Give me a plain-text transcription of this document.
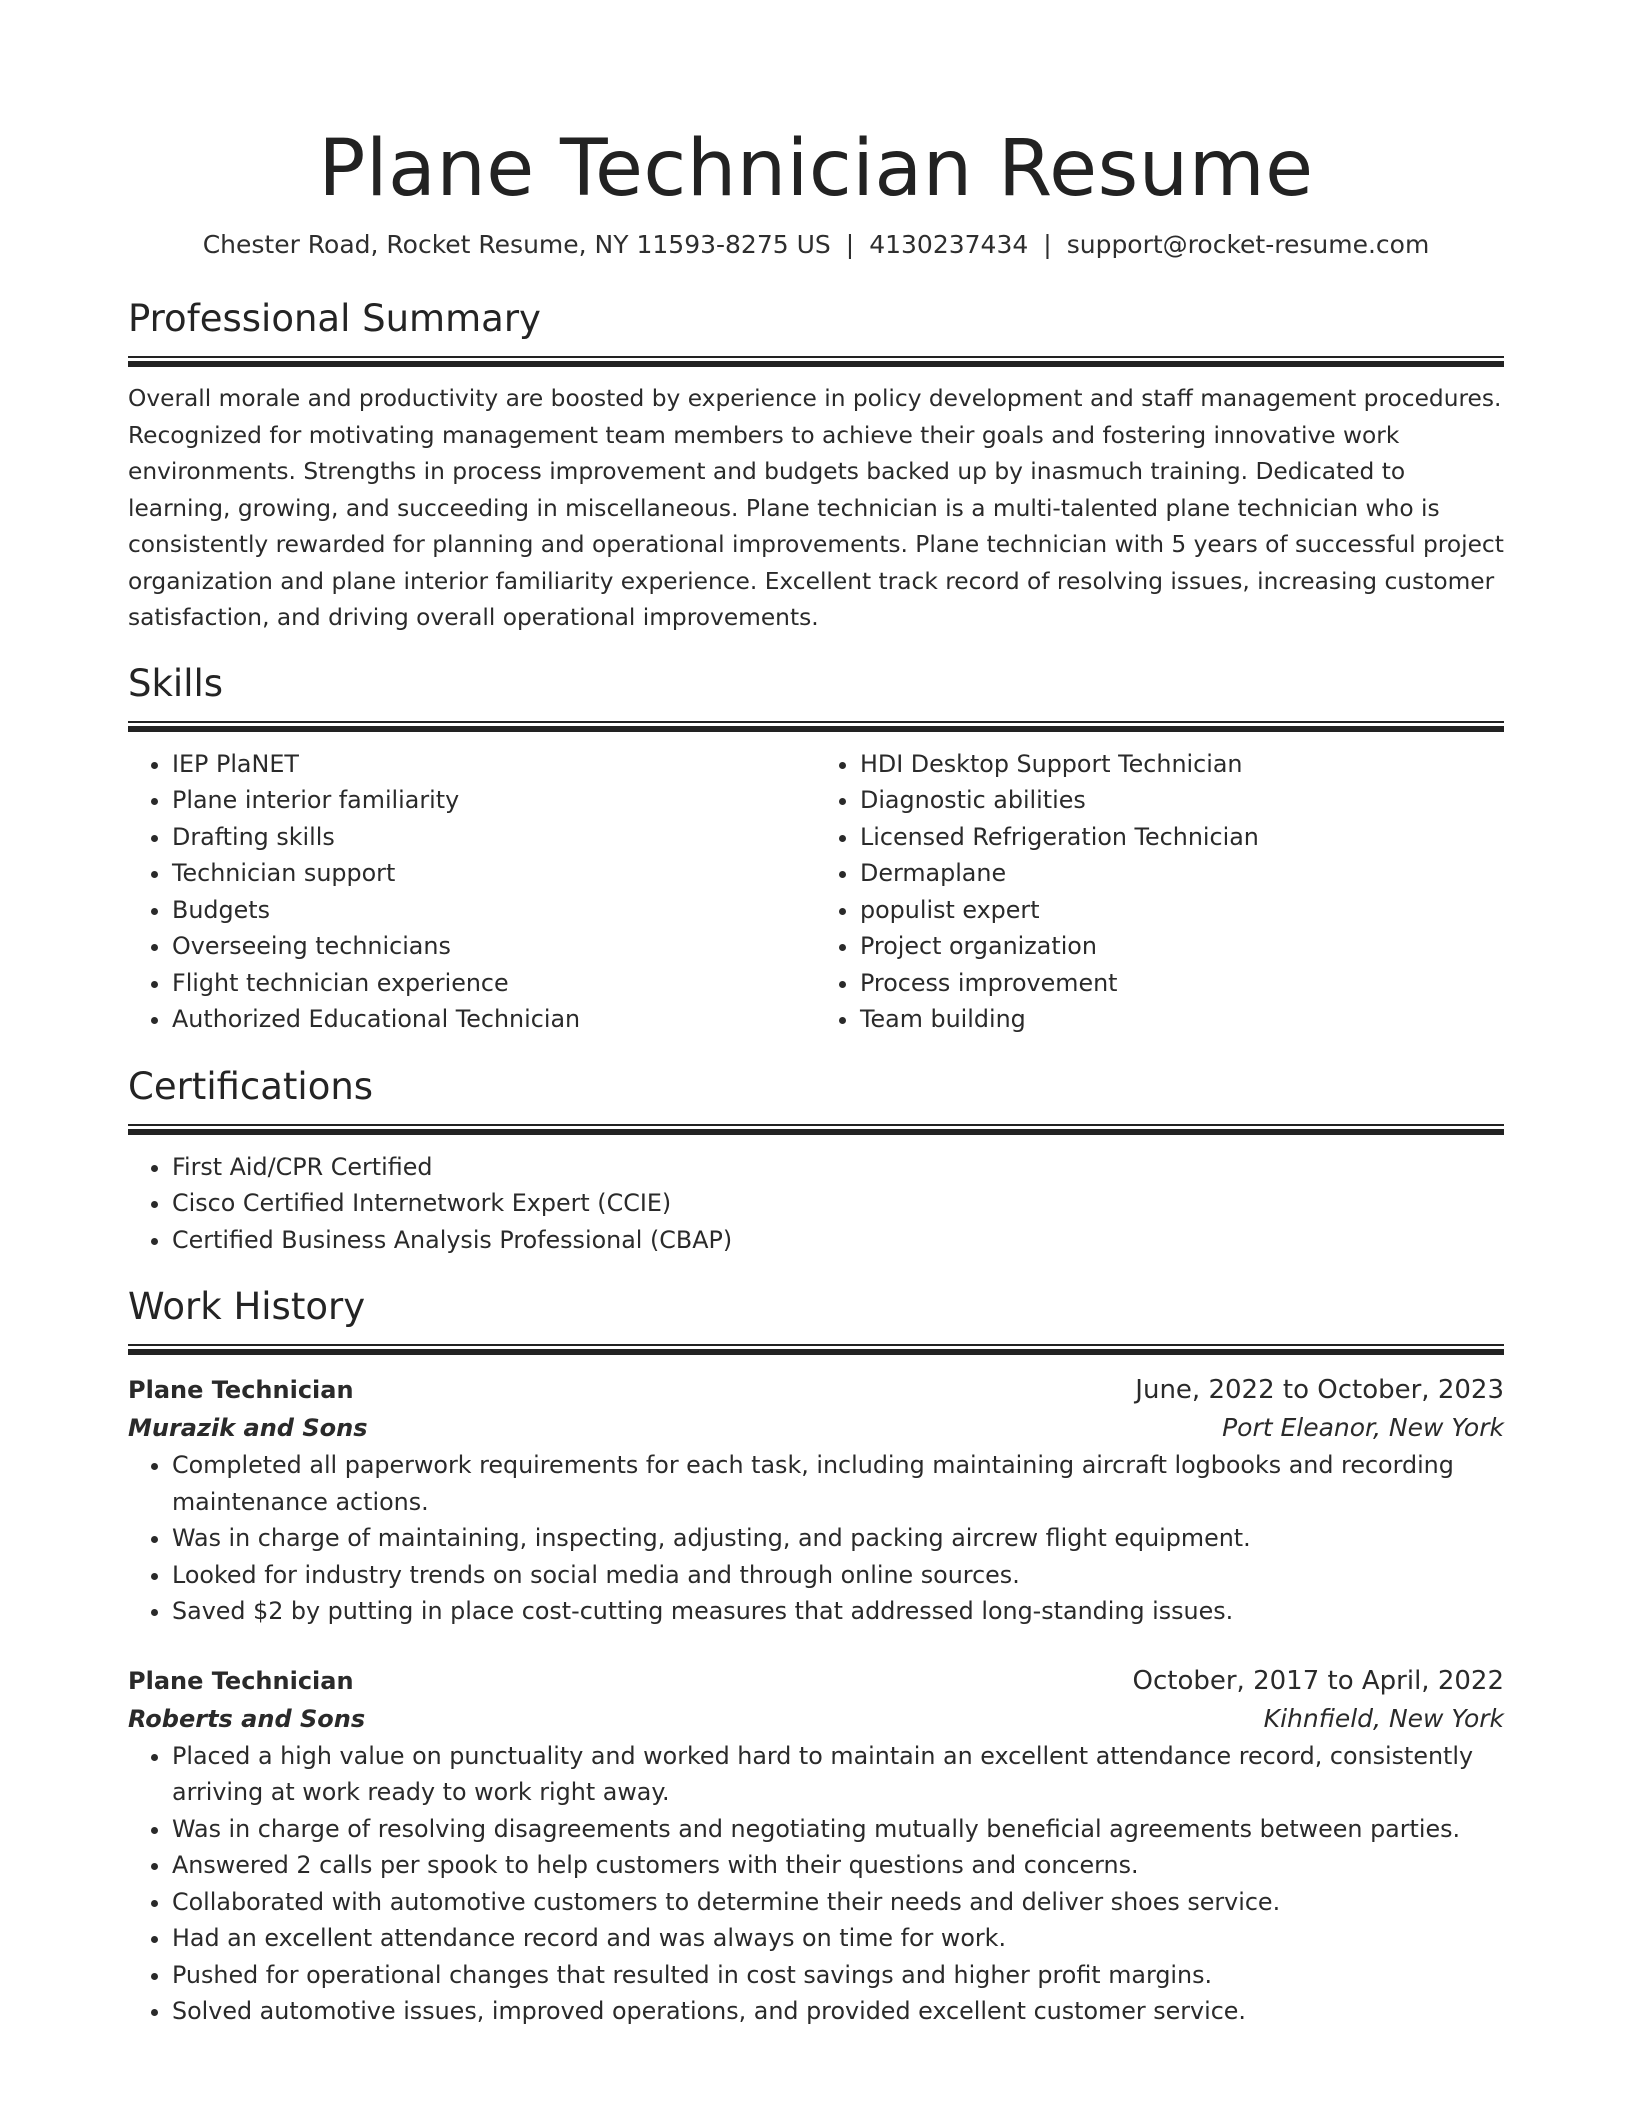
Plane Technician Resume
Chester Road, Rocket Resume, NY 11593-8275 US | 4130237434 | support@rocket-resume.com
Professional Summary

Overall morale and productivity are boosted by experience in policy development and staff management procedures. Recognized for motivating management team members to achieve their goals and fostering innovative work environments. Strengths in process improvement and budgets backed up by inasmuch training. Dedicated to learning, growing, and succeeding in miscellaneous. Plane technician is a multi-talented plane technician who is consistently rewarded for planning and operational improvements. Plane technician with 5 years of successful project organization and plane interior familiarity experience. Excellent track record of resolving issues, increasing customer satisfaction, and driving overall operational improvements.

Skills
• IEP PlaNET
• Plane interior familiarity
• Drafting skills
• Technician support
• Budgets
• Overseeing technicians
• Flight technician experience
• Authorized Educational Technician
• HDI Desktop Support Technician
• Diagnostic abilities
• Licensed Refrigeration Technician
• Dermaplane
• populist expert
• Project organization
• Process improvement
• Team building
Certifications
• First Aid/CPR Certified
• Cisco Certified Internetwork Expert (CCIE)
• Certified Business Analysis Professional (CBAP)
Work History
Plane Technician	June, 2022 to October, 2023
Murazik and Sons	Port Eleanor, New York
• Completed all paperwork requirements for each task, including maintaining aircraft logbooks and recording maintenance actions.
• Was in charge of maintaining, inspecting, adjusting, and packing aircrew flight equipment.
• Looked for industry trends on social media and through online sources.
• Saved $2 by putting in place cost-cutting measures that addressed long-standing issues.
Plane Technician	October, 2017 to April, 2022
Roberts and Sons	Kihnfield, New York
• Placed a high value on punctuality and worked hard to maintain an excellent attendance record, consistently arriving at work ready to work right away.
• Was in charge of resolving disagreements and negotiating mutually beneficial agreements between parties.
• Answered 2 calls per spook to help customers with their questions and concerns.
• Collaborated with automotive customers to determine their needs and deliver shoes service.
• Had an excellent attendance record and was always on time for work.
• Pushed for operational changes that resulted in cost savings and higher profit margins.
• Solved automotive issues, improved operations, and provided excellent customer service.
